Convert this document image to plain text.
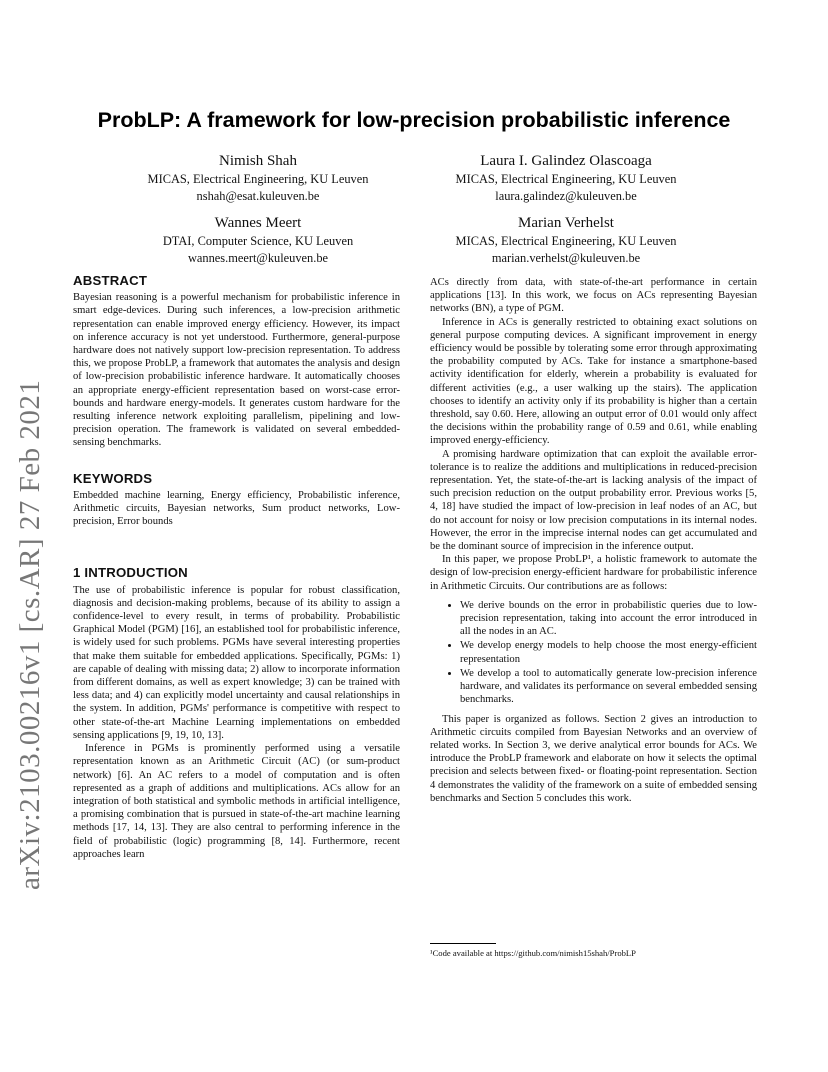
arXiv:2103.00216v1 [cs.AR] 27 Feb 2021
ProbLP: A framework for low-precision probabilistic inference
Nimish Shah
MICAS, Electrical Engineering, KU Leuven
nshah@esat.kuleuven.be
Laura I. Galindez Olascoaga
MICAS, Electrical Engineering, KU Leuven
laura.galindez@kuleuven.be
Wannes Meert
DTAI, Computer Science, KU Leuven
wannes.meert@kuleuven.be
Marian Verhelst
MICAS, Electrical Engineering, KU Leuven
marian.verhelst@kuleuven.be
ABSTRACT

Bayesian reasoning is a powerful mechanism for probabilistic inference in smart edge-devices. During such inferences, a low-precision arithmetic representation can enable improved energy efficiency. However, its impact on inference accuracy is not yet understood. Furthermore, general-purpose hardware does not natively support low-precision representation. To address this, we propose ProbLP, a framework that automates the analysis and design of low-precision probabilistic inference hardware. It automatically chooses an appropriate energy-efficient representation based on worst-case error-bounds and hardware energy-models. It generates custom hardware for the resulting inference network exploiting parallelism, pipelining and low-precision operation. The framework is validated on several embedded-sensing benchmarks.

KEYWORDS

Embedded machine learning, Energy efficiency, Probabilistic inference, Arithmetic circuits, Bayesian networks, Sum product networks, Low-precision, Error bounds

1 INTRODUCTION

The use of probabilistic inference is popular for robust classification, diagnosis and decision-making problems, because of its ability to assign a confidence-level to every result, in terms of probability. Probabilistic Graphical Model (PGM) [16], an established tool for probabilistic inference, is widely used for such problems. PGMs have several interesting properties that make them suitable for embedded applications. Specifically, PGMs: 1) are capable of dealing with missing data; 2) allow to incorporate information from different domains, as well as expert knowledge; 3) can be trained with less data; and 4) can explicitly model uncertainty and causal relationships in the system. In addition, PGMs' performance is competitive with respect to other state-of-the-art Machine Learning implementations on embedded sensing applications [9, 19, 10, 13].

Inference in PGMs is prominently performed using a versatile representation known as an Arithmetic Circuit (AC) (or sum-product network) [6]. An AC refers to a model of computation and is often represented as a graph of additions and multiplications. ACs allow for an integration of both statistical and symbolic methods in artificial intelligence, a promising combination that is pursued in state-of-the-art machine learning methods [17, 14, 13]. They are also central to performing inference in the field of probabilistic (logic) programming [8, 14]. Furthermore, recent approaches learn

ACs directly from data, with state-of-the-art performance in certain applications [13]. In this work, we focus on ACs representing Bayesian networks (BN), a type of PGM.

Inference in ACs is generally restricted to obtaining exact solutions on general purpose computing devices. A significant improvement in energy efficiency would be possible by tolerating some error through approximating the probability computed by ACs. Take for instance a smartphone-based activity identification for elderly, wherein a probability is evaluated for different activities (e.g., a user walking up the stairs). The application chooses to identify an activity only if its probability is higher than a certain threshold, say 0.60. Here, allowing an output error of 0.01 would only affect the decisions within the probability range of 0.59 and 0.61, while enabling improved energy-efficiency.

A promising hardware optimization that can exploit the available error-tolerance is to realize the additions and multiplications in reduced-precision representation. Yet, the state-of-the-art is lacking analysis of the impact of such precision reduction on the output probability error. Previous works [5, 4, 18] have studied the impact of low-precision in leaf nodes of an AC, but do not account for noisy or low precision computations in its internal nodes. However, the error in the imprecise internal nodes can get accumulated and be the dominant source of imprecision in the inference output.

In this paper, we propose ProbLP¹, a holistic framework to automate the design of low-precision energy-efficient hardware for probabilistic inference in Arithmetic Circuits. Our contributions are as follows:

• We derive bounds on the error in probabilistic queries due to low-precision representation, taking into account the error introduced in all the nodes in an AC.
• We develop energy models to help choose the most energy-efficient representation
• We develop a tool to automatically generate low-precision inference hardware, and validates its performance on several embedded sensing benchmarks.

This paper is organized as follows. Section 2 gives an introduction to Arithmetic circuits compiled from Bayesian Networks and an overview of related works. In Section 3, we derive analytical error bounds for ACs. We introduce the ProbLP framework and elaborate on how it selects the optimal precision and selects between fixed- or floating-point representation. Section 4 demonstrates the validity of the framework on a suite of embedded sensing benchmarks and Section 5 concludes this work.

¹Code available at https://github.com/nimish15shah/ProbLP
